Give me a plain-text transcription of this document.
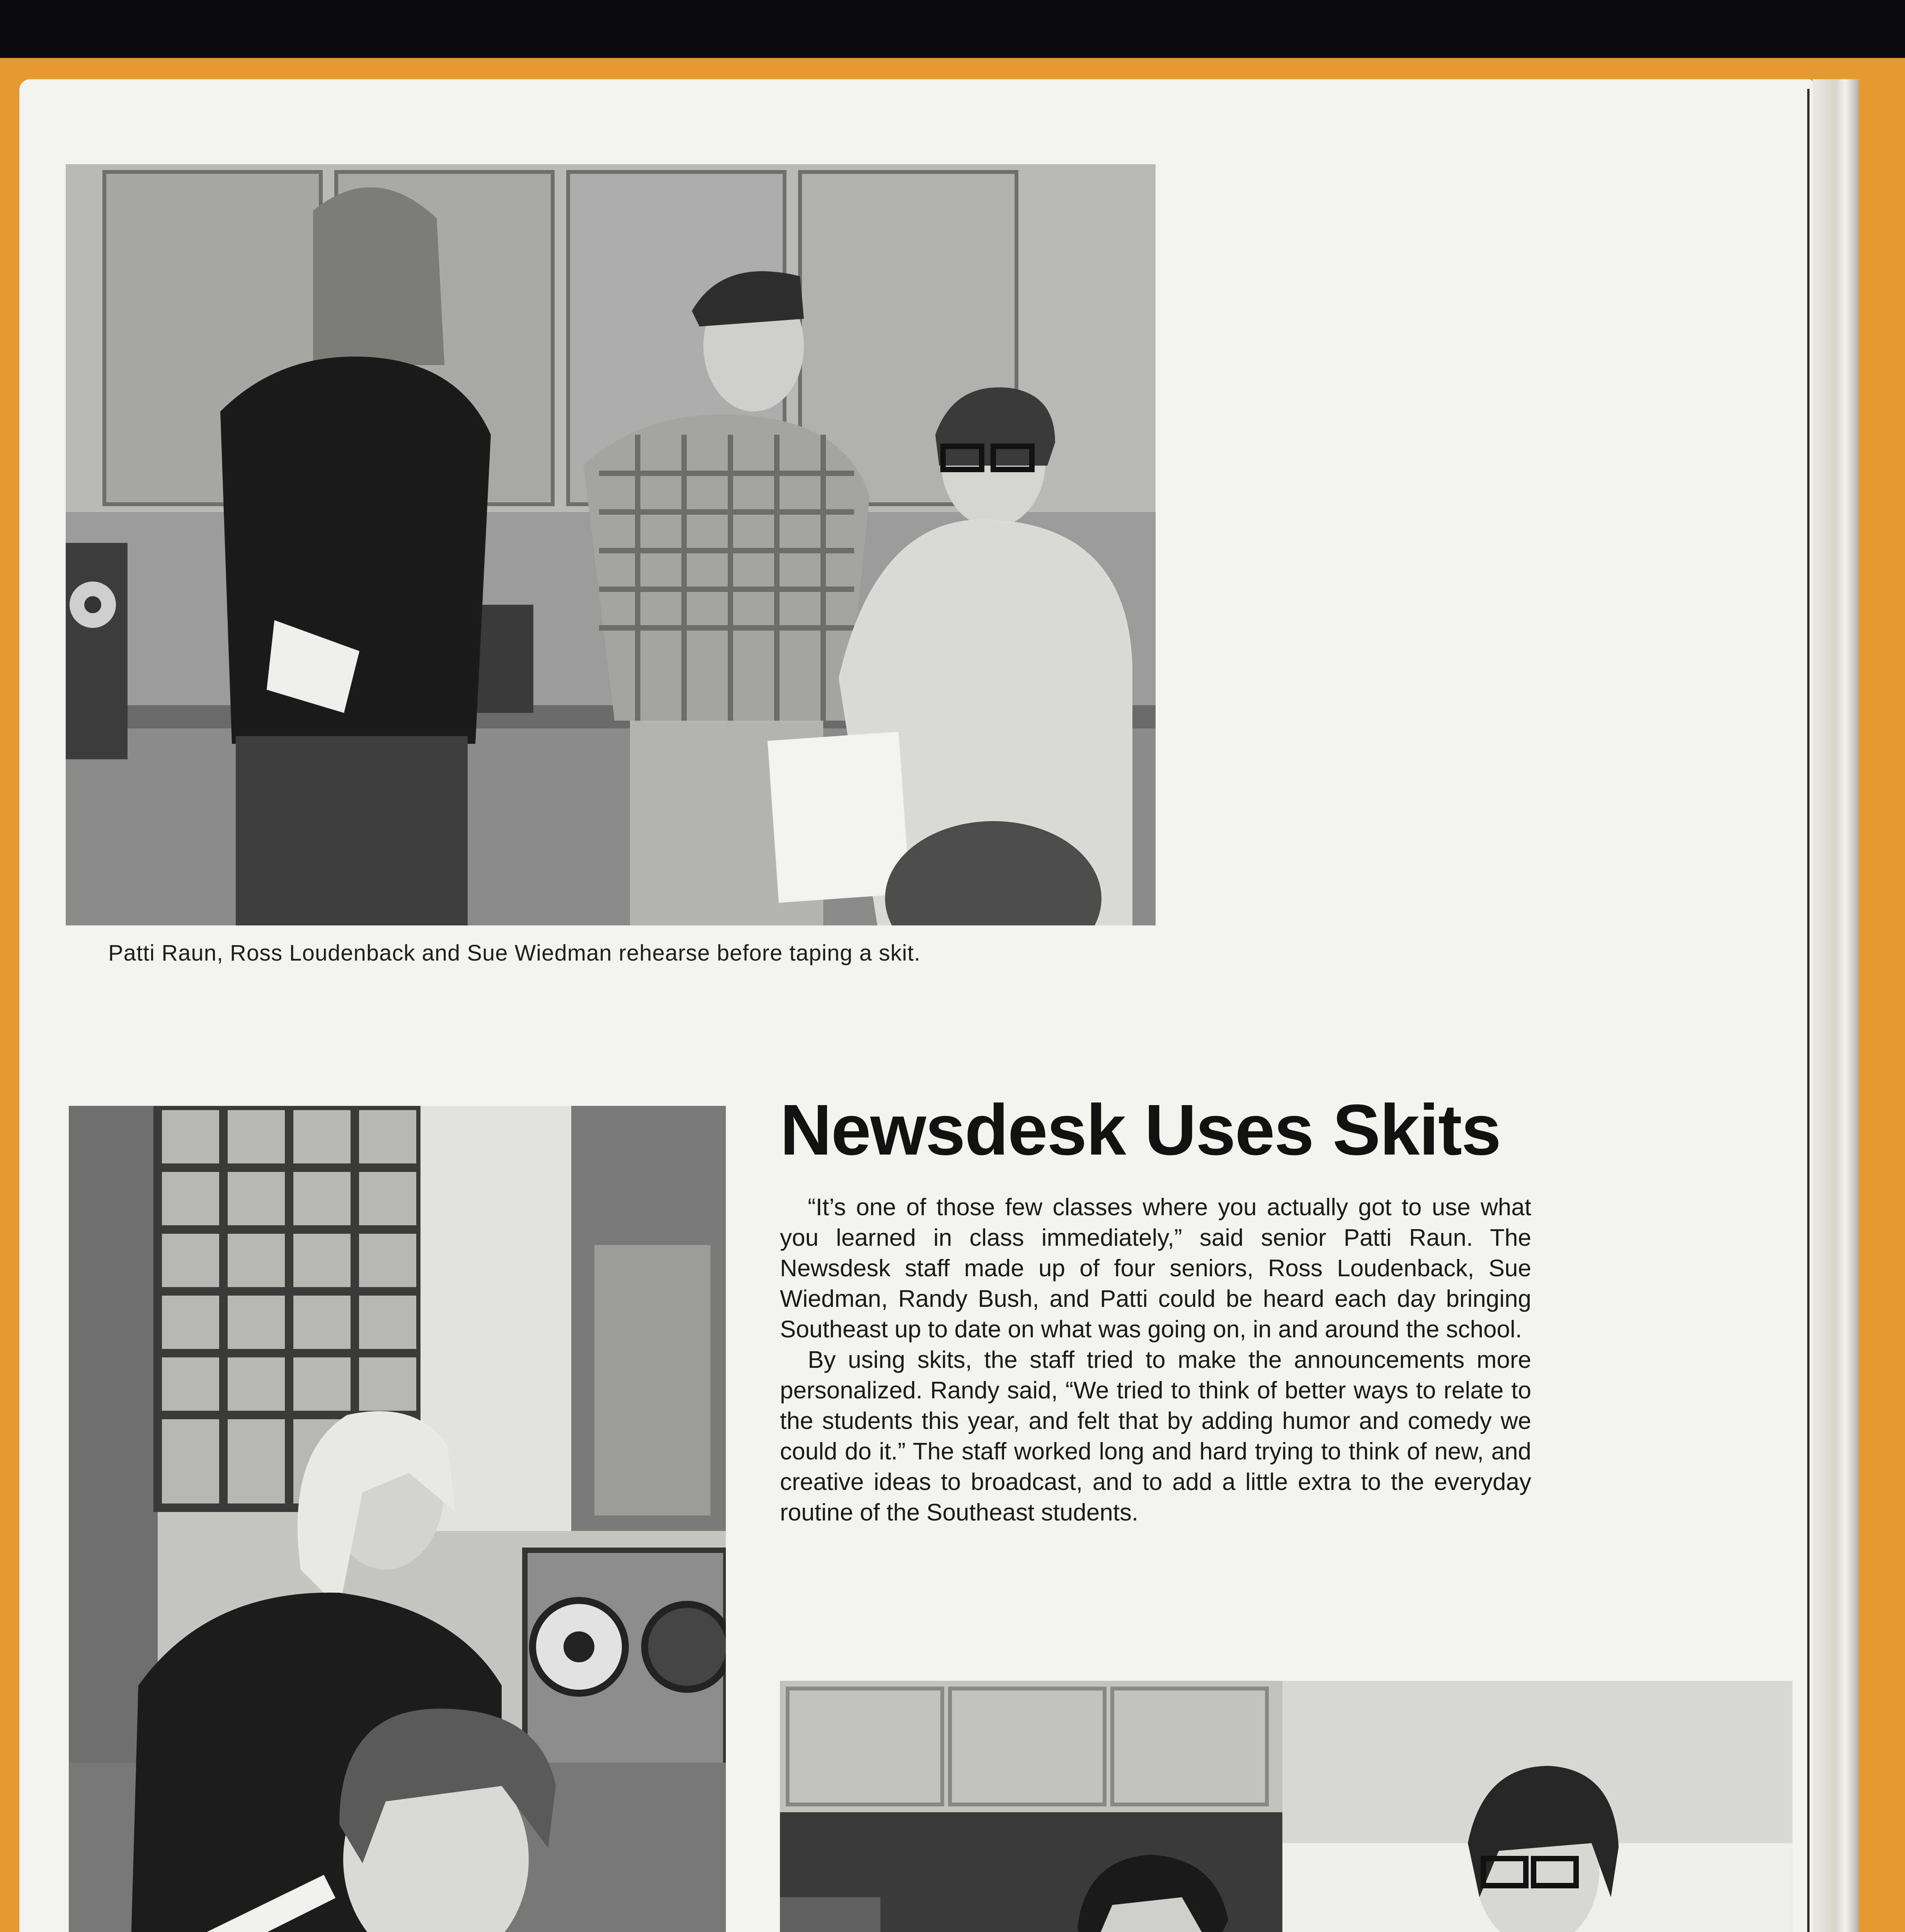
Patti Raun, Ross Loudenback and Sue Wiedman rehearse before taping a skit.
Newsdesk Uses Skits

“It’s one of those few classes where you actually got to use what you learned in class immediately,” said senior Patti Raun. The Newsdesk staff made up of four seniors, Ross Loudenback, Sue Wiedman, Randy Bush, and Patti could be heard each day bringing Southeast up to date on what was going on, in and around the school.

By using skits, the staff tried to make the announcements more personalized. Randy said, “We tried to think of better ways to relate to the students this year, and felt that by adding humor and comedy we could do it.” The staff worked long and hard trying to think of new, and creative ideas to broadcast, and to add a little extra to the everyday routine of the Southeast students.
